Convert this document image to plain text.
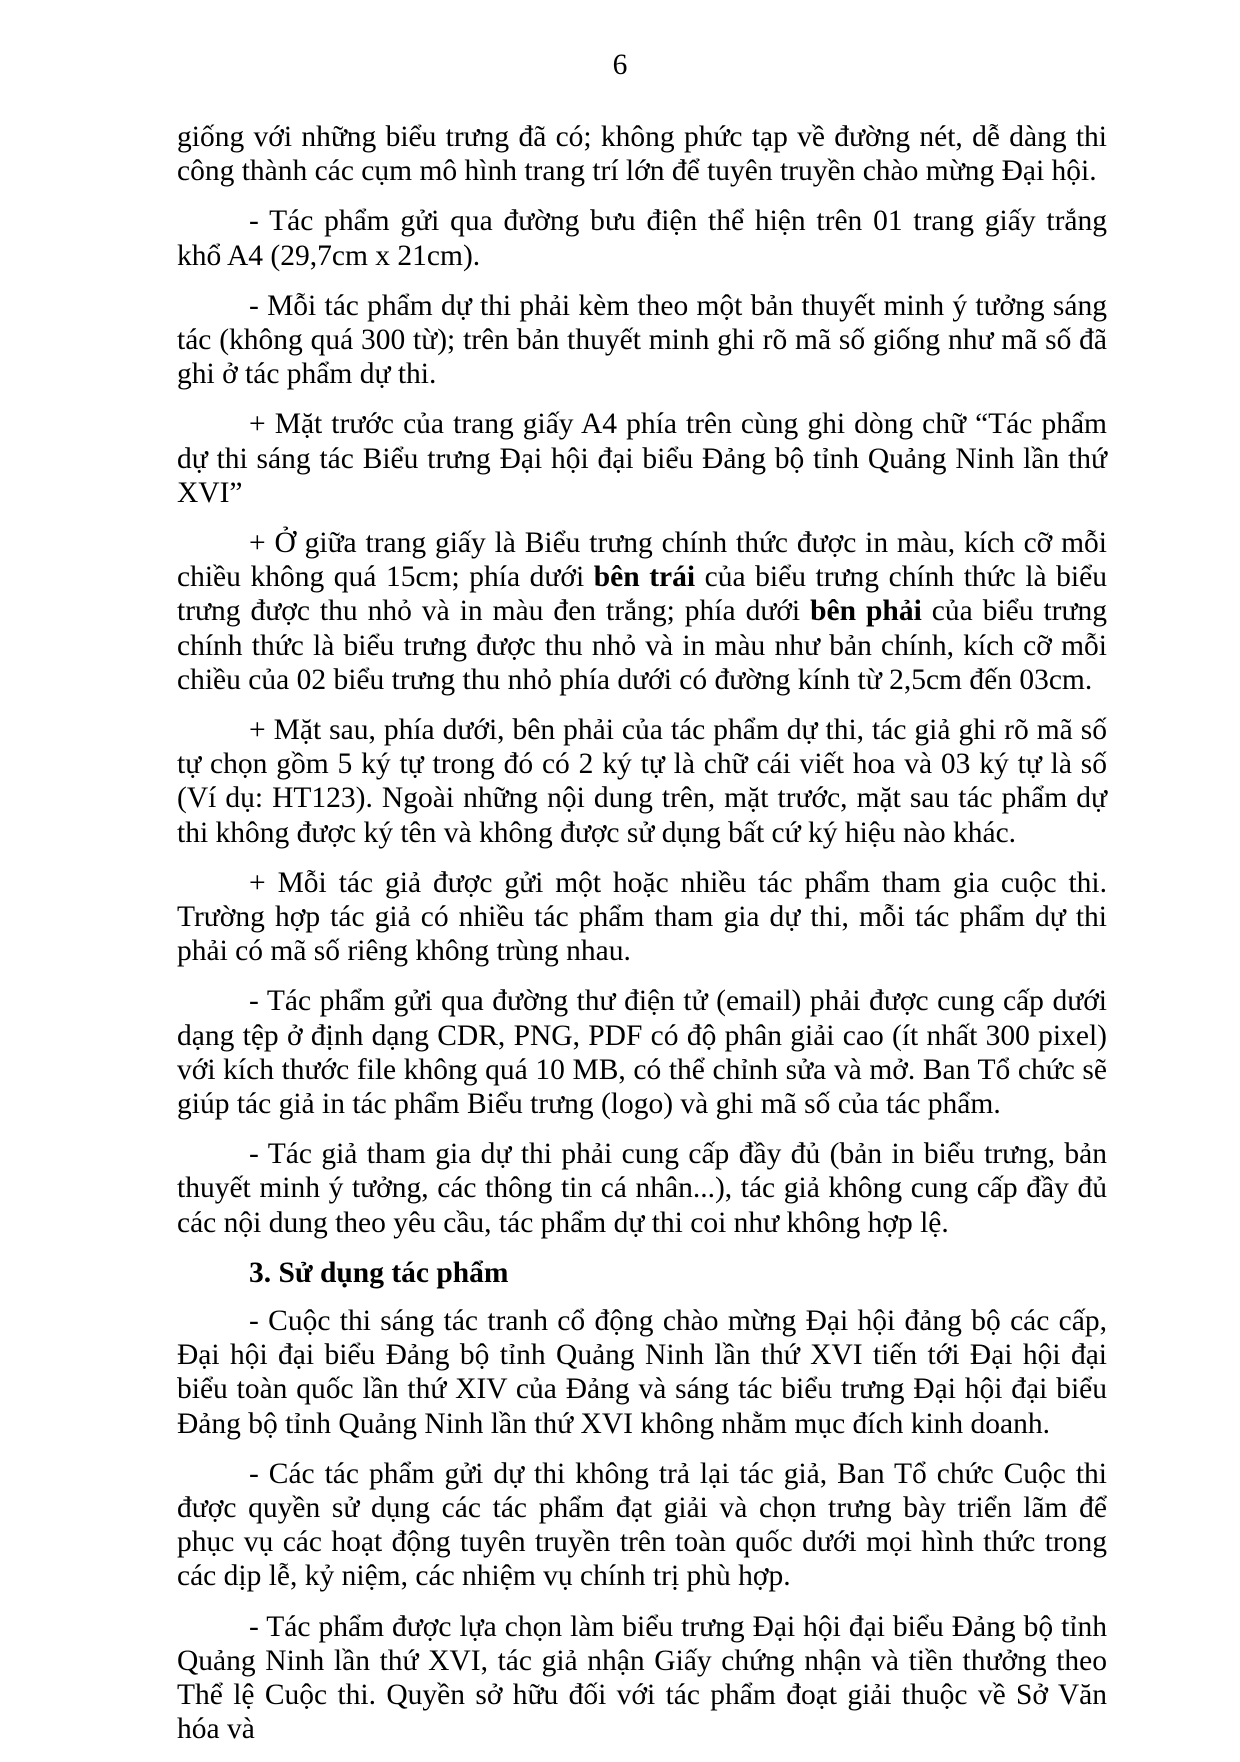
6

giống với những biểu trưng đã có; không phức tạp về đường nét, dễ dàng thi công thành các cụm mô hình trang trí lớn để tuyên truyền chào mừng Đại hội.

- Tác phẩm gửi qua đường bưu điện thể hiện trên 01 trang giấy trắng khổ A4 (29,7cm x 21cm).

- Mỗi tác phẩm dự thi phải kèm theo một bản thuyết minh ý tưởng sáng tác (không quá 300 từ); trên bản thuyết minh ghi rõ mã số giống như mã số đã ghi ở tác phẩm dự thi.

+ Mặt trước của trang giấy A4 phía trên cùng ghi dòng chữ “Tác phẩm dự thi sáng tác Biểu trưng Đại hội đại biểu Đảng bộ tỉnh Quảng Ninh lần thứ XVI”

+ Ở giữa trang giấy là Biểu trưng chính thức được in màu, kích cỡ mỗi chiều không quá 15cm; phía dưới bên trái của biểu trưng chính thức là biểu trưng được thu nhỏ và in màu đen trắng; phía dưới bên phải của biểu trưng chính thức là biểu trưng được thu nhỏ và in màu như bản chính, kích cỡ mỗi chiều của 02 biểu trưng thu nhỏ phía dưới có đường kính từ 2,5cm đến 03cm.

+ Mặt sau, phía dưới, bên phải của tác phẩm dự thi, tác giả ghi rõ mã số tự chọn gồm 5 ký tự trong đó có 2 ký tự là chữ cái viết hoa và 03 ký tự là số (Ví dụ: HT123). Ngoài những nội dung trên, mặt trước, mặt sau tác phẩm dự thi không được ký tên và không được sử dụng bất cứ ký hiệu nào khác.

+ Mỗi tác giả được gửi một hoặc nhiều tác phẩm tham gia cuộc thi. Trường hợp tác giả có nhiều tác phẩm tham gia dự thi, mỗi tác phẩm dự thi phải có mã số riêng không trùng nhau.

- Tác phẩm gửi qua đường thư điện tử (email) phải được cung cấp dưới dạng tệp ở định dạng CDR, PNG, PDF có độ phân giải cao (ít nhất 300 pixel) với kích thước file không quá 10 MB, có thể chỉnh sửa và mở. Ban Tổ chức sẽ giúp tác giả in tác phẩm Biểu trưng (logo) và ghi mã số của tác phẩm.

- Tác giả tham gia dự thi phải cung cấp đầy đủ (bản in biểu trưng, bản thuyết minh ý tưởng, các thông tin cá nhân...), tác giả không cung cấp đầy đủ các nội dung theo yêu cầu, tác phẩm dự thi coi như không hợp lệ.

3. Sử dụng tác phẩm

- Cuộc thi sáng tác tranh cổ động chào mừng Đại hội đảng bộ các cấp, Đại hội đại biểu Đảng bộ tỉnh Quảng Ninh lần thứ XVI tiến tới Đại hội đại biểu toàn quốc lần thứ XIV của Đảng và sáng tác biểu trưng Đại hội đại biểu Đảng bộ tỉnh Quảng Ninh lần thứ XVI không nhằm mục đích kinh doanh.

- Các tác phẩm gửi dự thi không trả lại tác giả, Ban Tổ chức Cuộc thi được quyền sử dụng các tác phẩm đạt giải và chọn trưng bày triển lãm để phục vụ các hoạt động tuyên truyền trên toàn quốc dưới mọi hình thức trong các dịp lễ, kỷ niệm, các nhiệm vụ chính trị phù hợp.

- Tác phẩm được lựa chọn làm biểu trưng Đại hội đại biểu Đảng bộ tỉnh Quảng Ninh lần thứ XVI, tác giả nhận Giấy chứng nhận và tiền thưởng theo Thể lệ Cuộc thi. Quyền sở hữu đối với tác phẩm đoạt giải thuộc về Sở Văn hóa và
